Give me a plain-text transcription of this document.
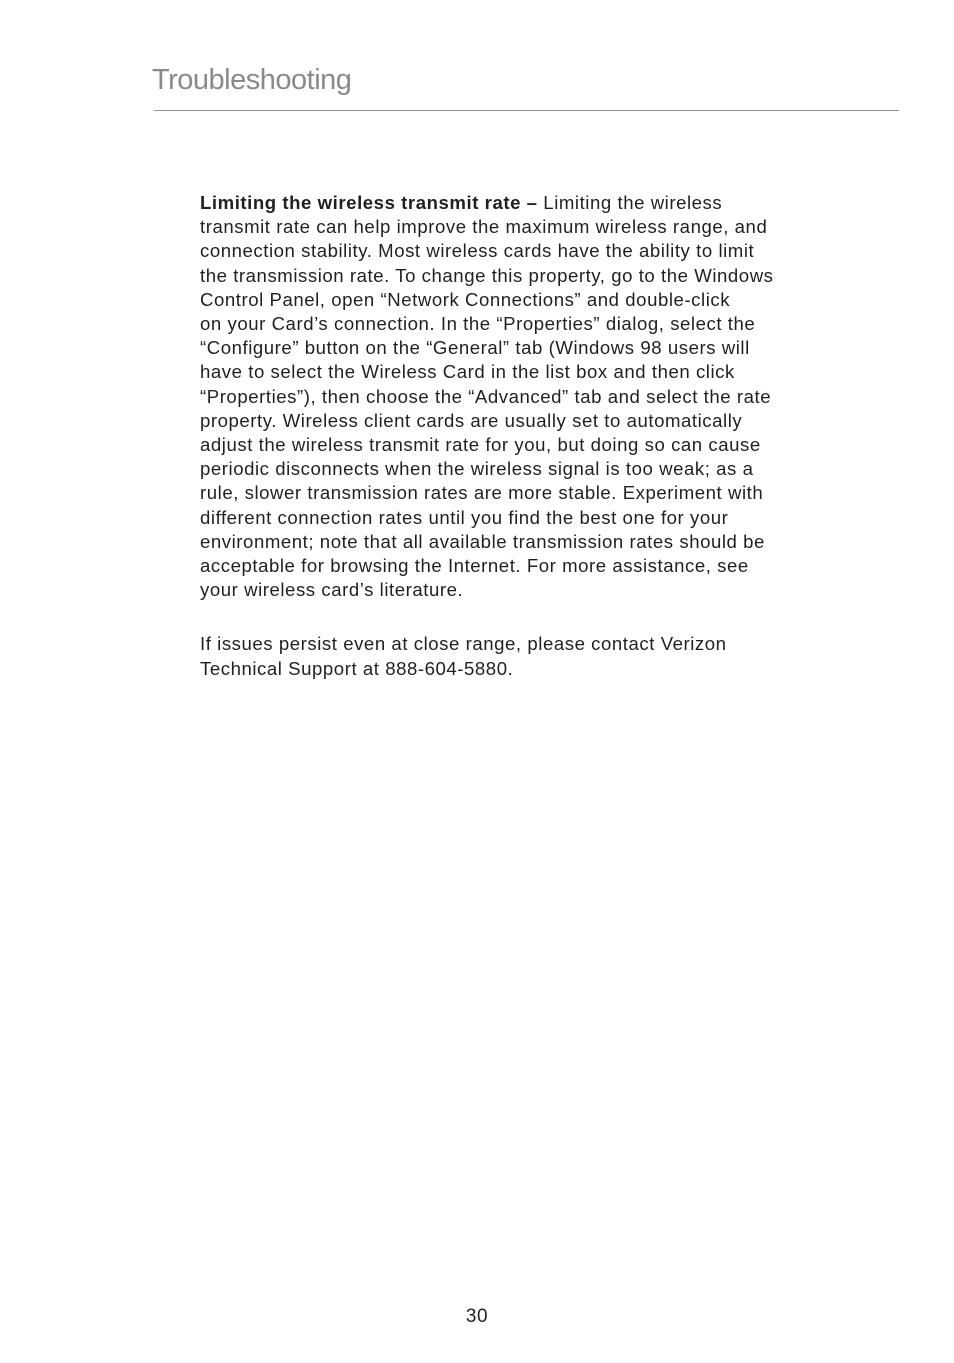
Troubleshooting

Limiting the wireless transmit rate – Limiting the wireless
transmit rate can help improve the maximum wireless range, and
connection stability. Most wireless cards have the ability to limit
the transmission rate. To change this property, go to the Windows
Control Panel, open “Network Connections” and double-click
on your Card’s connection. In the “Properties” dialog, select the
“Configure” button on the “General” tab (Windows 98 users will
have to select the Wireless Card in the list box and then click
“Properties”), then choose the “Advanced” tab and select the rate
property. Wireless client cards are usually set to automatically
adjust the wireless transmit rate for you, but doing so can cause
periodic disconnects when the wireless signal is too weak; as a
rule, slower transmission rates are more stable. Experiment with
different connection rates until you find the best one for your
environment; note that all available transmission rates should be
acceptable for browsing the Internet. For more assistance, see
your wireless card’s literature.

If issues persist even at close range, please contact Verizon
Technical Support at 888-604-5880.

30
